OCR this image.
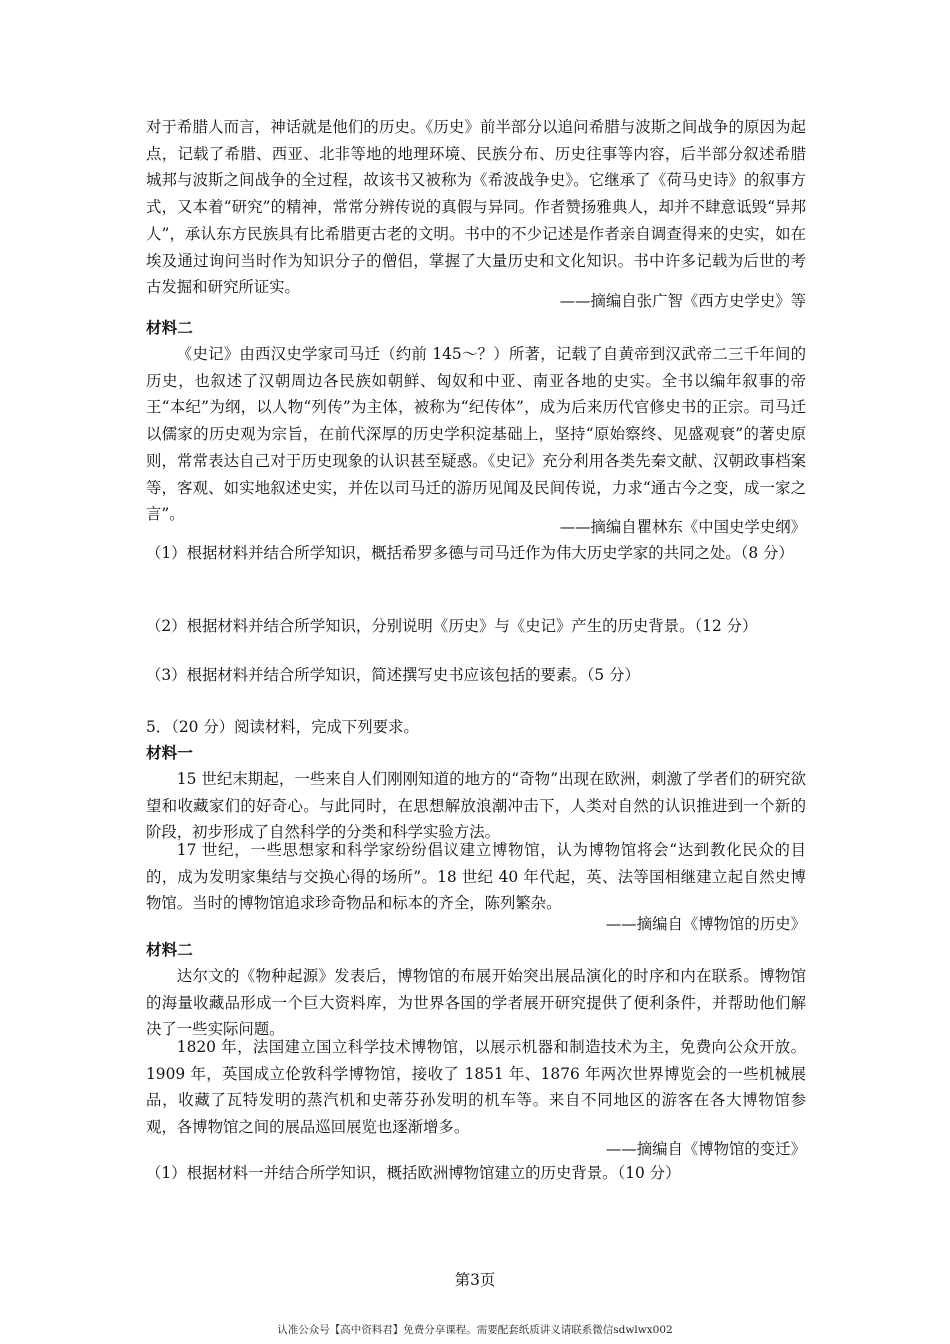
对于希腊人而言，神话就是他们的历史。《历史》前半部分以追问希腊与波斯之间战争的原因为起点，记载了希腊、西亚、北非等地的地理环境、民族分布、历史往事等内容，后半部分叙述希腊城邦与波斯之间战争的全过程，故该书又被称为《希波战争史》。它继承了《荷马史诗》的叙事方式，又本着“研究”的精神，常常分辨传说的真假与异同。作者赞扬雅典人，却并不肆意诋毁“异邦人”，承认东方民族具有比希腊更古老的文明。书中的不少记述是作者亲自调查得来的史实，如在埃及通过询问当时作为知识分子的僧侣，掌握了大量历史和文化知识。书中许多记载为后世的考古发掘和研究所证实。
——摘编自张广智《西方史学史》等
材料二
《史记》由西汉史学家司马迁（约前 145～？）所著，记载了自黄帝到汉武帝二三千年间的历史，也叙述了汉朝周边各民族如朝鲜、匈奴和中亚、南亚各地的史实。全书以编年叙事的帝王“本纪”为纲，以人物“列传”为主体，被称为“纪传体”，成为后来历代官修史书的正宗。司马迁以儒家的历史观为宗旨，在前代深厚的历史学积淀基础上，坚持“原始察终、见盛观衰”的著史原则，常常表达自己对于历史现象的认识甚至疑惑。《史记》充分利用各类先秦文献、汉朝政事档案等，客观、如实地叙述史实，并佐以司马迁的游历见闻及民间传说，力求“通古今之变，成一家之言”。
——摘编自瞿林东《中国史学史纲》
（1）根据材料并结合所学知识，概括希罗多德与司马迁作为伟大历史学家的共同之处。（8 分）
（2）根据材料并结合所学知识，分别说明《历史》与《史记》产生的历史背景。（12 分）
（3）根据材料并结合所学知识，简述撰写史书应该包括的要素。（5 分）
5．（20 分）阅读材料，完成下列要求。
材料一
15 世纪末期起，一些来自人们刚刚知道的地方的“奇物”出现在欧洲，刺激了学者们的研究欲望和收藏家们的好奇心。与此同时，在思想解放浪潮冲击下，人类对自然的认识推进到一个新的阶段，初步形成了自然科学的分类和科学实验方法。
17 世纪，一些思想家和科学家纷纷倡议建立博物馆，认为博物馆将会“达到教化民众的目的，成为发明家集结与交换心得的场所”。18 世纪 40 年代起，英、法等国相继建立起自然史博物馆。当时的博物馆追求珍奇物品和标本的齐全，陈列繁杂。
——摘编自《博物馆的历史》
材料二
达尔文的《物种起源》发表后，博物馆的布展开始突出展品演化的时序和内在联系。博物馆的海量收藏品形成一个巨大资料库，为世界各国的学者展开研究提供了便利条件，并帮助他们解决了一些实际问题。
1820 年，法国建立国立科学技术博物馆，以展示机器和制造技术为主，免费向公众开放。1909 年，英国成立伦敦科学博物馆，接收了 1851 年、1876 年两次世界博览会的一些机械展品，收藏了瓦特发明的蒸汽机和史蒂芬孙发明的机车等。来自不同地区的游客在各大博物馆参观，各博物馆之间的展品巡回展览也逐渐增多。
——摘编自《博物馆的变迁》
（1）根据材料一并结合所学知识，概括欧洲博物馆建立的历史背景。（10 分）
第3页
认准公众号【高中资料君】免费分享课程。需要配套纸质讲义请联系微信sdwlwx002
